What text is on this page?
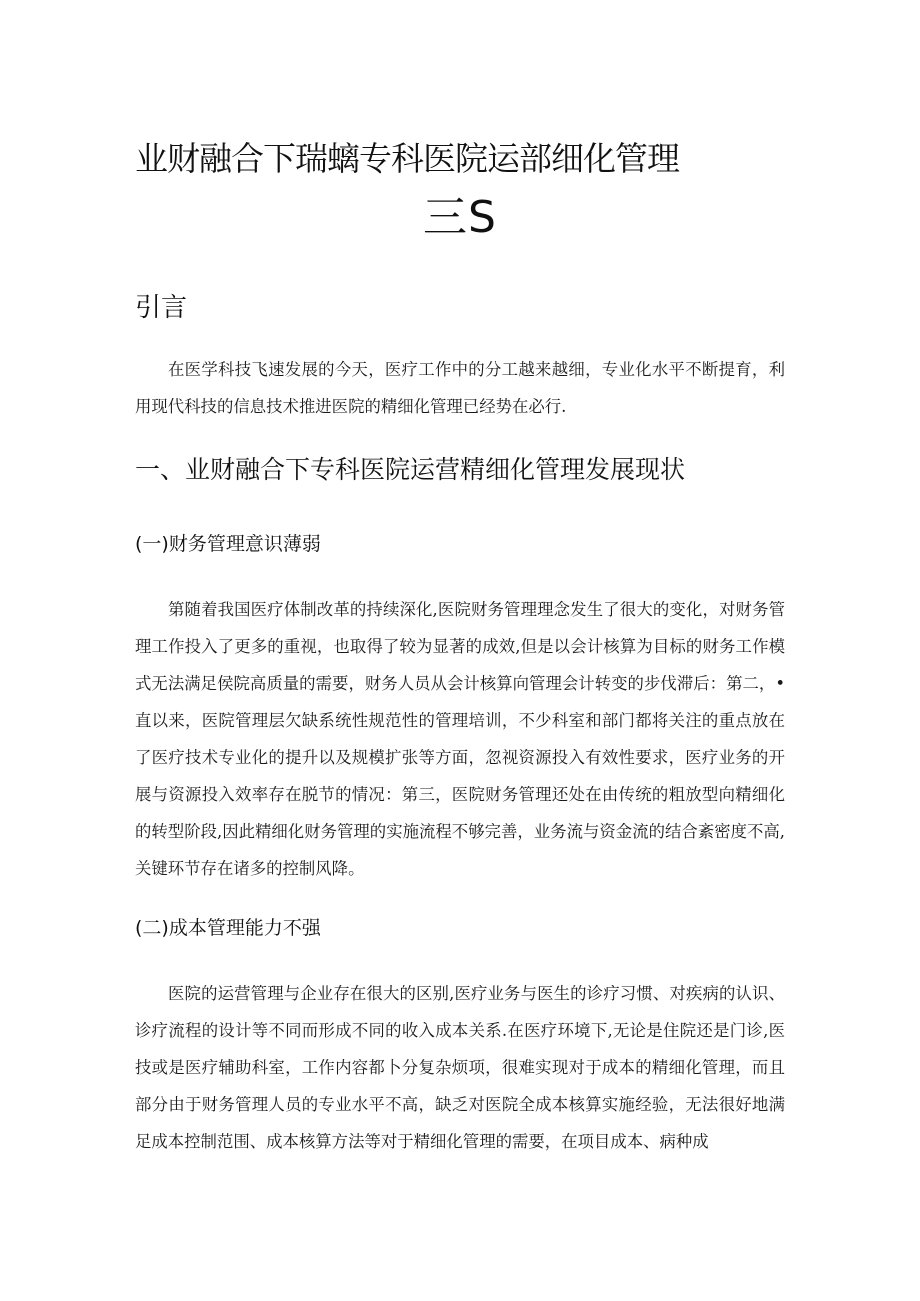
业财融合下瑞螭专科医院运部细化管理
三S
引言

在医学科技飞速发展的今天，医疗工作中的分工越来越细，专业化水平不断提育，利用现代科技的信息技术推进医院的精细化管理已经势在必行.

一、业财融合下专科医院运营精细化管理发展现状
(一)财务管理意识薄弱

第随着我国医疗体制改革的持续深化,医院财务管理理念发生了很大的变化，对财务管理工作投入了更多的重视，也取得了较为显著的成效,但是以会计核算为目标的财务工作模式无法满足侯院高质量的需要，财务人员从会计核算向管理会计转变的步伐滞后：第二，•直以来，医院管理层欠缺系统性规范性的管理培训，不少科室和部门都将关注的重点放在了医疗技术专业化的提升以及规模扩张等方面，忽视资源投入有效性要求，医疗业务的开展与资源投入效率存在脱节的情况：第三，医院财务管理还处在由传统的粗放型向精细化的转型阶段,因此精细化财务管理的实施流程不够完善，业务流与资金流的结合紊密度不高,关键环节存在诸多的控制风降。

(二)成本管理能力不强

医院的运营管理与企业存在很大的区别,医疗业务与医生的诊疗习惯、对疾病的认识、诊疗流程的设计等不同而形成不同的收入成本关系.在医疗环境下,无论是住院还是门诊,医技或是医疗辅助科室，工作内容都卜分复杂烦项，很难实现对于成本的精细化管理，而且部分由于财务管理人员的专业水平不高，缺乏对医院全成本核算实施经验，无法很好地满足成本控制范围、成本核算方法等对于精细化管理的需要，在项目成本、病种成
